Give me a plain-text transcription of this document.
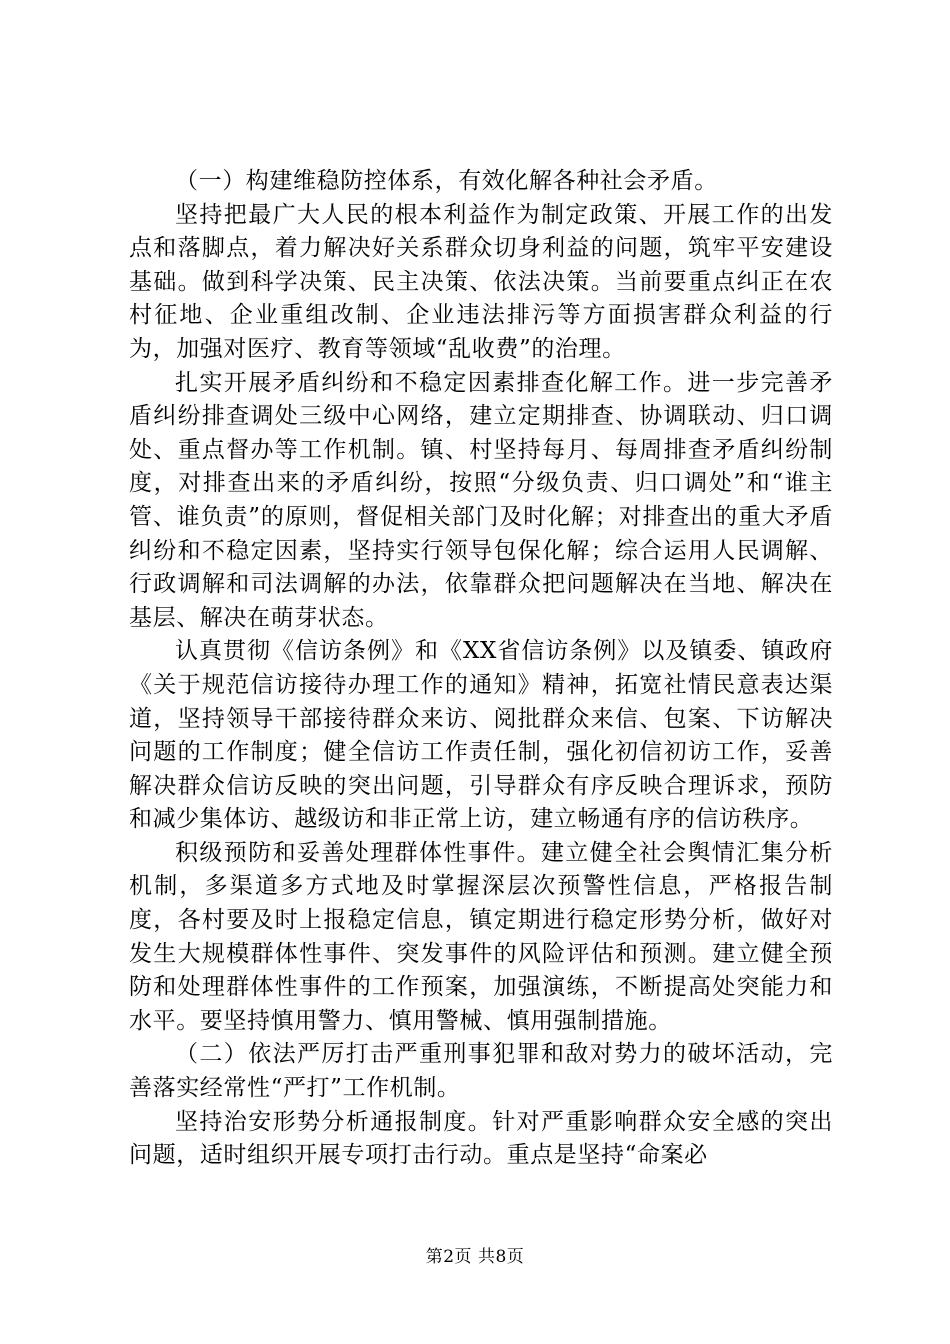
（一）构建维稳防控体系，有效化解各种社会矛盾。

坚持把最广大人民的根本利益作为制定政策、开展工作的出发点和落脚点，着力解决好关系群众切身利益的问题，筑牢平安建设基础。做到科学决策、民主决策、依法决策。当前要重点纠正在农村征地、企业重组改制、企业违法排污等方面损害群众利益的行为，加强对医疗、教育等领域“乱收费”的治理。

扎实开展矛盾纠纷和不稳定因素排查化解工作。进一步完善矛盾纠纷排查调处三级中心网络，建立定期排查、协调联动、归口调处、重点督办等工作机制。镇、村坚持每月、每周排查矛盾纠纷制度，对排查出来的矛盾纠纷，按照“分级负责、归口调处”和“谁主管、谁负责”的原则，督促相关部门及时化解；对排查出的重大矛盾纠纷和不稳定因素，坚持实行领导包保化解；综合运用人民调解、行政调解和司法调解的办法，依靠群众把问题解决在当地、解决在基层、解决在萌芽状态。

认真贯彻《信访条例》和《XX省信访条例》以及镇委、镇政府《关于规范信访接待办理工作的通知》精神，拓宽社情民意表达渠道，坚持领导干部接待群众来访、阅批群众来信、包案、下访解决问题的工作制度；健全信访工作责任制，强化初信初访工作，妥善解决群众信访反映的突出问题，引导群众有序反映合理诉求，预防和减少集体访、越级访和非正常上访，建立畅通有序的信访秩序。

积级预防和妥善处理群体性事件。建立健全社会舆情汇集分析机制，多渠道多方式地及时掌握深层次预警性信息，严格报告制度，各村要及时上报稳定信息，镇定期进行稳定形势分析，做好对发生大规模群体性事件、突发事件的风险评估和预测。建立健全预防和处理群体性事件的工作预案，加强演练，不断提高处突能力和水平。要坚持慎用警力、慎用警械、慎用强制措施。

（二）依法严厉打击严重刑事犯罪和敌对势力的破坏活动，完善落实经常性“严打”工作机制。

坚持治安形势分析通报制度。针对严重影响群众安全感的突出问题，适时组织开展专项打击行动。重点是坚持“命案必

第2页 共8页
